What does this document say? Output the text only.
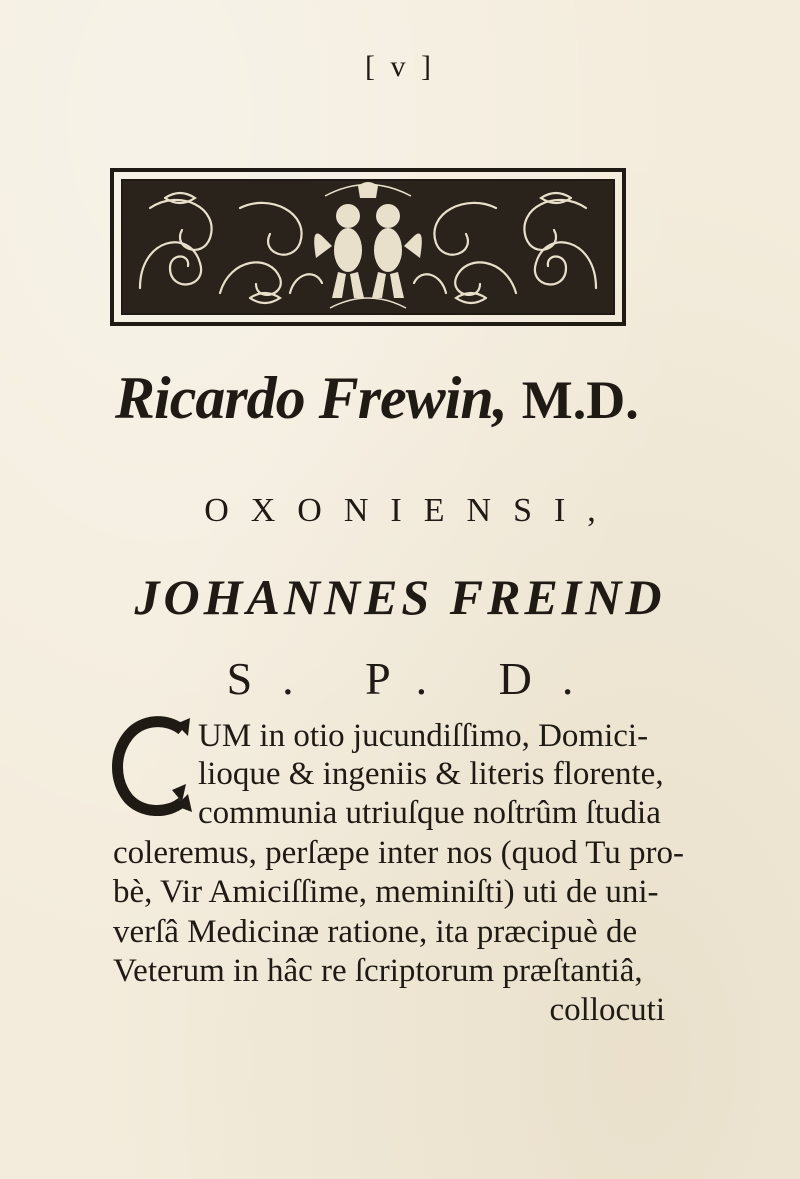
[ v ]
Ricardo Frewin, M.D.
OXONIENSI,
JOHANNES FREIND
S. P. D.
UM in otio jucundiſſimo, Domici-
lioque & ingeniis & literis florente,
communia utriuſque noſtrûm ſtudia
coleremus, perſæpe inter nos (quod Tu pro-
bè, Vir Amiciſſime, meminiſti) uti de uni-
verſâ Medicinæ ratione, ita præcipuè de
Veterum in hâc re ſcriptorum præſtantiâ,
collocuti
